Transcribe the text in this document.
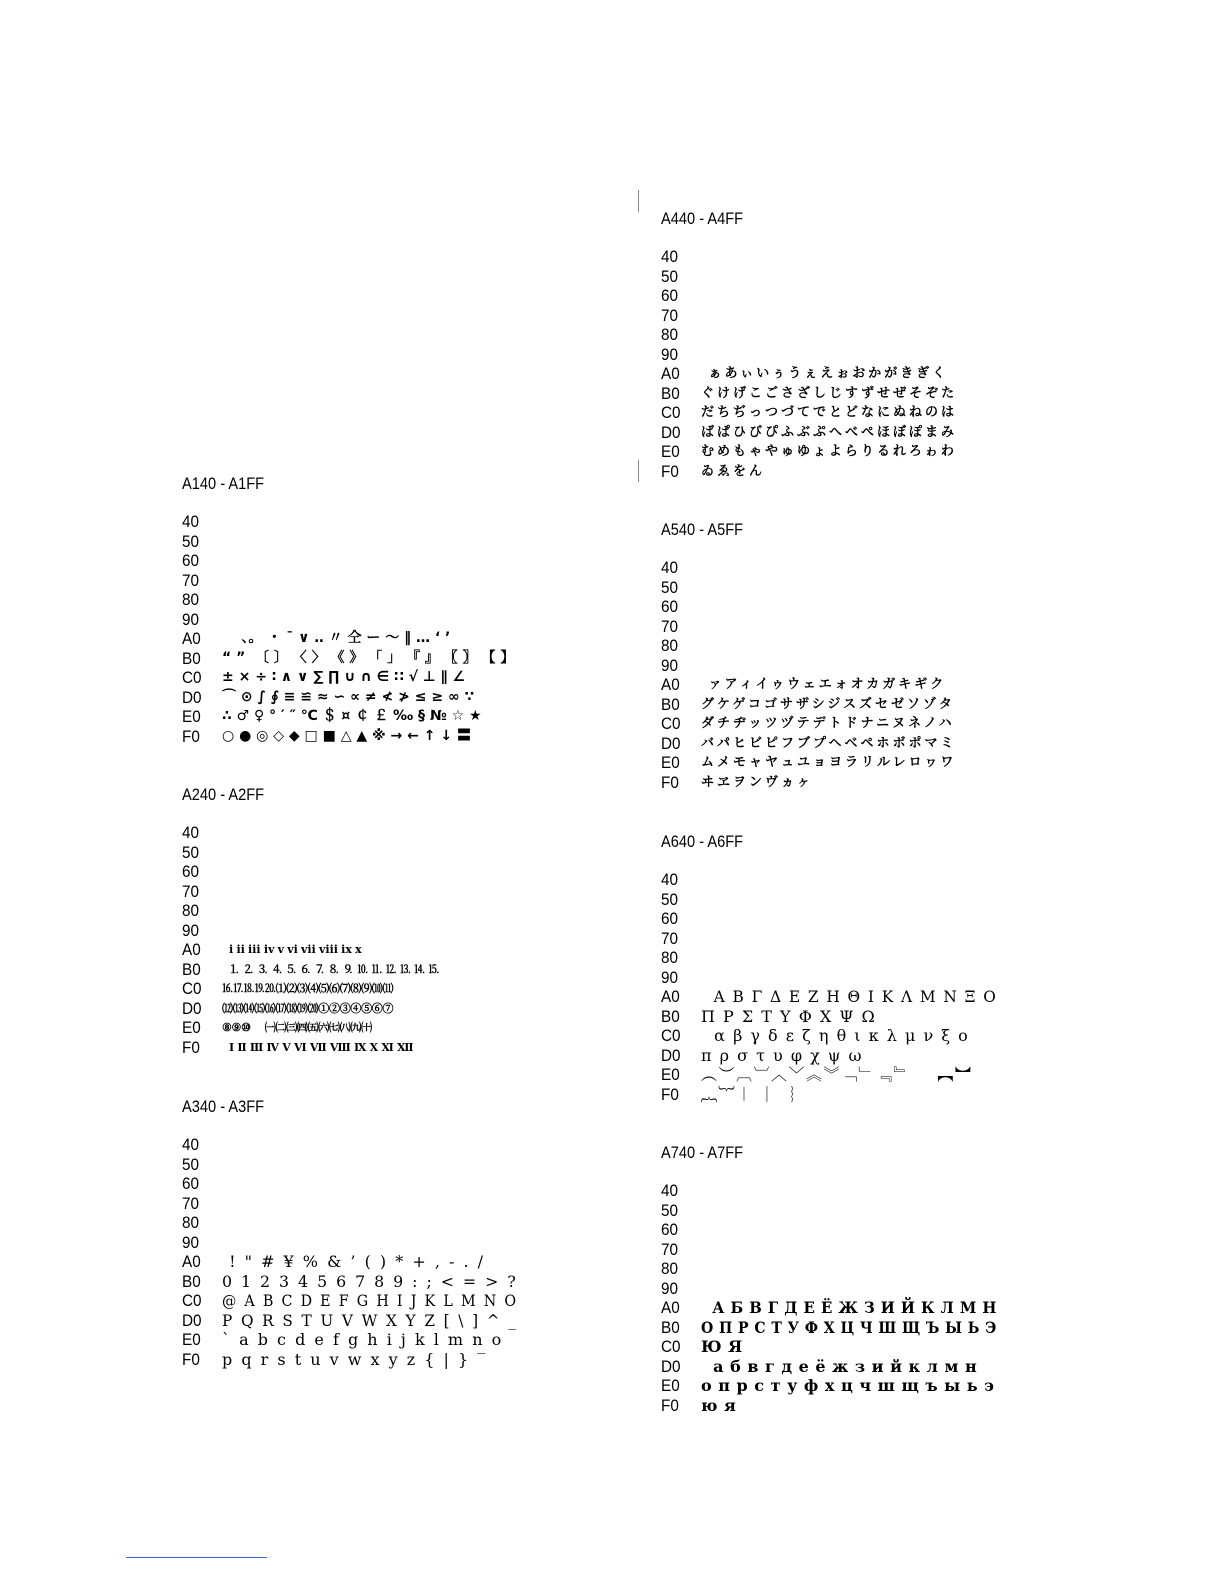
A140 - A1FF
40
50
60
70
80
90
A0 、。 ・ ˉ ∨ ‥ 〃 仝 ー ～ ‖ … ‘ ’
B0 “ ”  〔 〕 〈 〉 《 》 「 」 『 』 〖 〗 【 】
C0 ± × ÷ ∶ ∧ ∨ ∑ ∏ ∪ ∩ ∈ ∷ √ ⊥ ∥ ∠
D0 ⌒ ⊙ ∫ ∮ ≡ ≌ ≈ ∽ ∝ ≠ ≮ ≯ ≤ ≥ ∞ ∵
E0 ∴ ♂ ♀ ° ′ ″ ℃ ＄ ¤ ￠ ￡ ‰ § № ☆ ★
F0 ○ ● ◎ ◇ ◆ □ ■ △ ▲ ※ → ← ↑ ↓ 〓
A240 - A2FF
40
50
60
70
80
90
A0 ⅰ ⅱ ⅲ ⅳ ⅴ ⅵ ⅶ ⅷ ⅸ ⅹ
B0 ⒈ ⒉ ⒊ ⒋ ⒌ ⒍ ⒎ ⒏ ⒐ ⒑ ⒒ ⒓ ⒔ ⒕ ⒖
C0 ⒗⒘⒙⒚⒛⑴⑵⑶⑷⑸⑹⑺⑻⑼⑽⑾
D0 ⑿⒀⒁⒂⒃⒄⒅⒆⒇①②③④⑤⑥⑦
E0 ⑧⑨⑩    ㈠㈡㈢㈣㈤㈥㈦㈧㈨㈩
F0 Ⅰ Ⅱ Ⅲ Ⅳ Ⅴ Ⅵ Ⅶ Ⅷ Ⅸ Ⅹ Ⅺ Ⅻ
A340 - A3FF
40
50
60
70
80
90
A0 ! " # ¥ % & ’ ( ) * + , - . /
B0 0 1 2 3 4 5 6 7 8 9 : ; < = > ?
C0 @ A B C D E F G H I J K L M N O
D0 P Q R S T U V W X Y Z [ \ ] ^ _
E0 ` a b c d e f g h i j k l m n o
F0 p q r s t u v w x y z { | } ‾
A440 - A4FF
40
50
60
70
80
90
A0 ぁあぃいぅうぇえぉおかがきぎく
B0 ぐけげこごさざしじすずせぜそぞた
C0 だちぢっつづてでとどなにぬねのは
D0 ばぱひびぴふぶぷへべぺほぼぽまみ
E0 むめもゃやゅゆょよらりるれろゎわ
F0 ゐゑをん
A540 - A5FF
40
50
60
70
80
90
A0 ァアィイゥウェエォオカガキギク
B0 グケゲコゴサザシジスズセゼソゾタ
C0 ダチヂッツヅテデトドナニヌネノハ
D0 バパヒビピフブプヘベペホボポマミ
E0 ムメモャヤュユョヨラリルレロヮワ
F0 ヰヱヲンヴヵヶ
A640 - A6FF
40
50
60
70
80
90
A0 Α Β Γ Δ Ε Ζ Η Θ Ι Κ Λ Μ Ν Ξ Ο
B0 Π Ρ Σ Τ Υ Φ Χ Ψ Ω
C0 α β γ δ ε ζ η θ ι κ λ μ ν ξ ο
D0 π ρ σ τ υ φ χ ψ ω
E0 ︵︶︹︺︿﹀︽︾﹁﹂﹃﹄    ︻︼
F0 ︷︸︱  ︳ ︴
A740 - A7FF
40
50
60
70
80
90
A0 А Б В Г Д Е Ё Ж З И Й К Л М Н
B0 О П Р С Т У Ф Х Ц Ч Ш Щ Ъ Ы Ь Э
C0 Ю Я
D0 а б в г д е ё ж з и й к л м н
E0 о п р с т у ф х ц ч ш щ ъ ы ь э
F0 ю я
